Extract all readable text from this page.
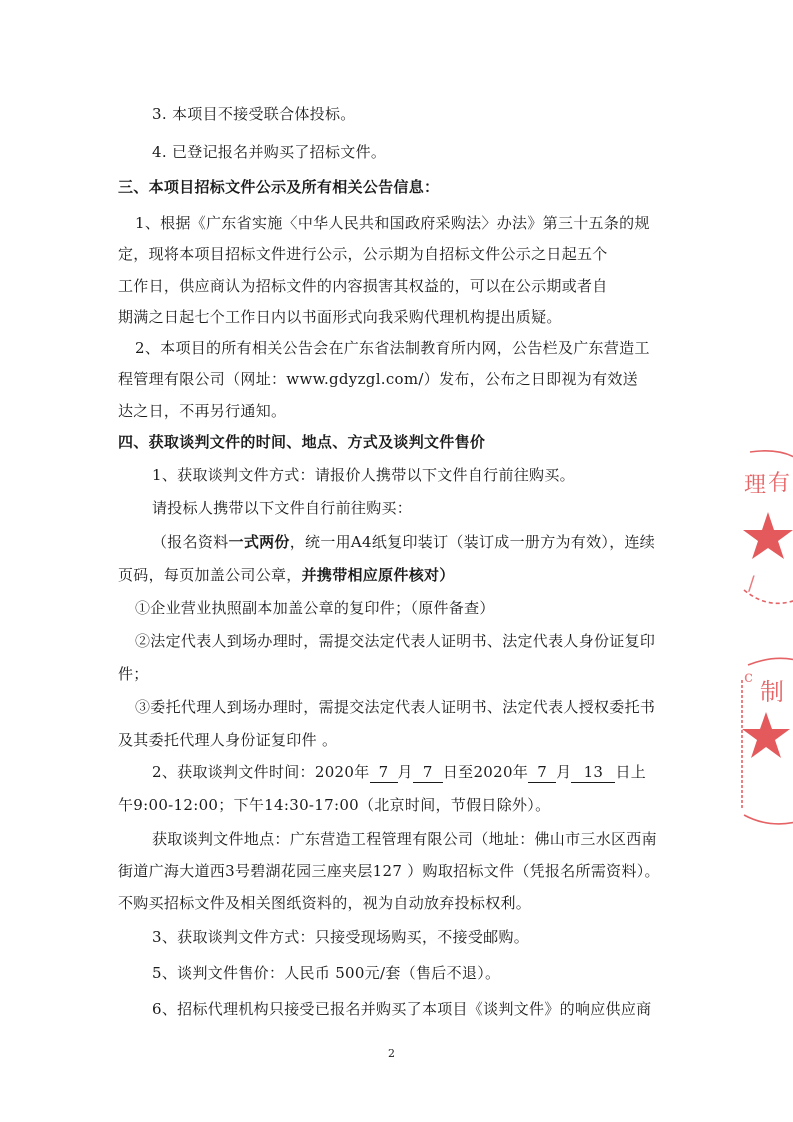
3. 本项目不接受联合体投标。
4. 已登记报名并购买了招标文件。
三、本项目招标文件公示及所有相关公告信息：
1、根据《广东省实施〈中华人民共和国政府采购法〉办法》第三十五条的规
定，现将本项目招标文件进行公示，公示期为自招标文件公示之日起五个
工作日，供应商认为招标文件的内容损害其权益的，可以在公示期或者自
期满之日起七个工作日内以书面形式向我采购代理机构提出质疑。
2、本项目的所有相关公告会在广东省法制教育所内网，公告栏及广东营造工
程管理有限公司（网址：www.gdyzgl.com/）发布，公布之日即视为有效送
达之日，不再另行通知。
四、获取谈判文件的时间、地点、方式及谈判文件售价
1、获取谈判文件方式：请报价人携带以下文件自行前往购买。
请投标人携带以下文件自行前往购买：
（报名资料一式两份，统一用A4纸复印装订（装订成一册方为有效），连续
页码，每页加盖公司公章，并携带相应原件核对）
①企业营业执照副本加盖公章的复印件；（原件备查）
②法定代表人到场办理时，需提交法定代表人证明书、法定代表人身份证复印
件；
③委托代理人到场办理时，需提交法定代表人证明书、法定代表人授权委托书
及其委托代理人身份证复印件 。
2、获取谈判文件时间：2020年 7 月 7 日至2020年 7 月 13 日上
午9:00-12:00；下午14:30-17:00（北京时间，节假日除外）。
获取谈判文件地点：广东营造工程管理有限公司（地址：佛山市三水区西南
街道广海大道西3号碧湖花园三座夹层127 ）购取招标文件（凭报名所需资料）。
不购买招标文件及相关图纸资料的，视为自动放弃投标权利。
3、获取谈判文件方式：只接受现场购买，不接受邮购。
5、谈判文件售价：人民币 500元/套（售后不退）。
6、招标代理机构只接受已报名并购买了本项目《谈判文件》的响应供应商
2
理 有
制
/
c
